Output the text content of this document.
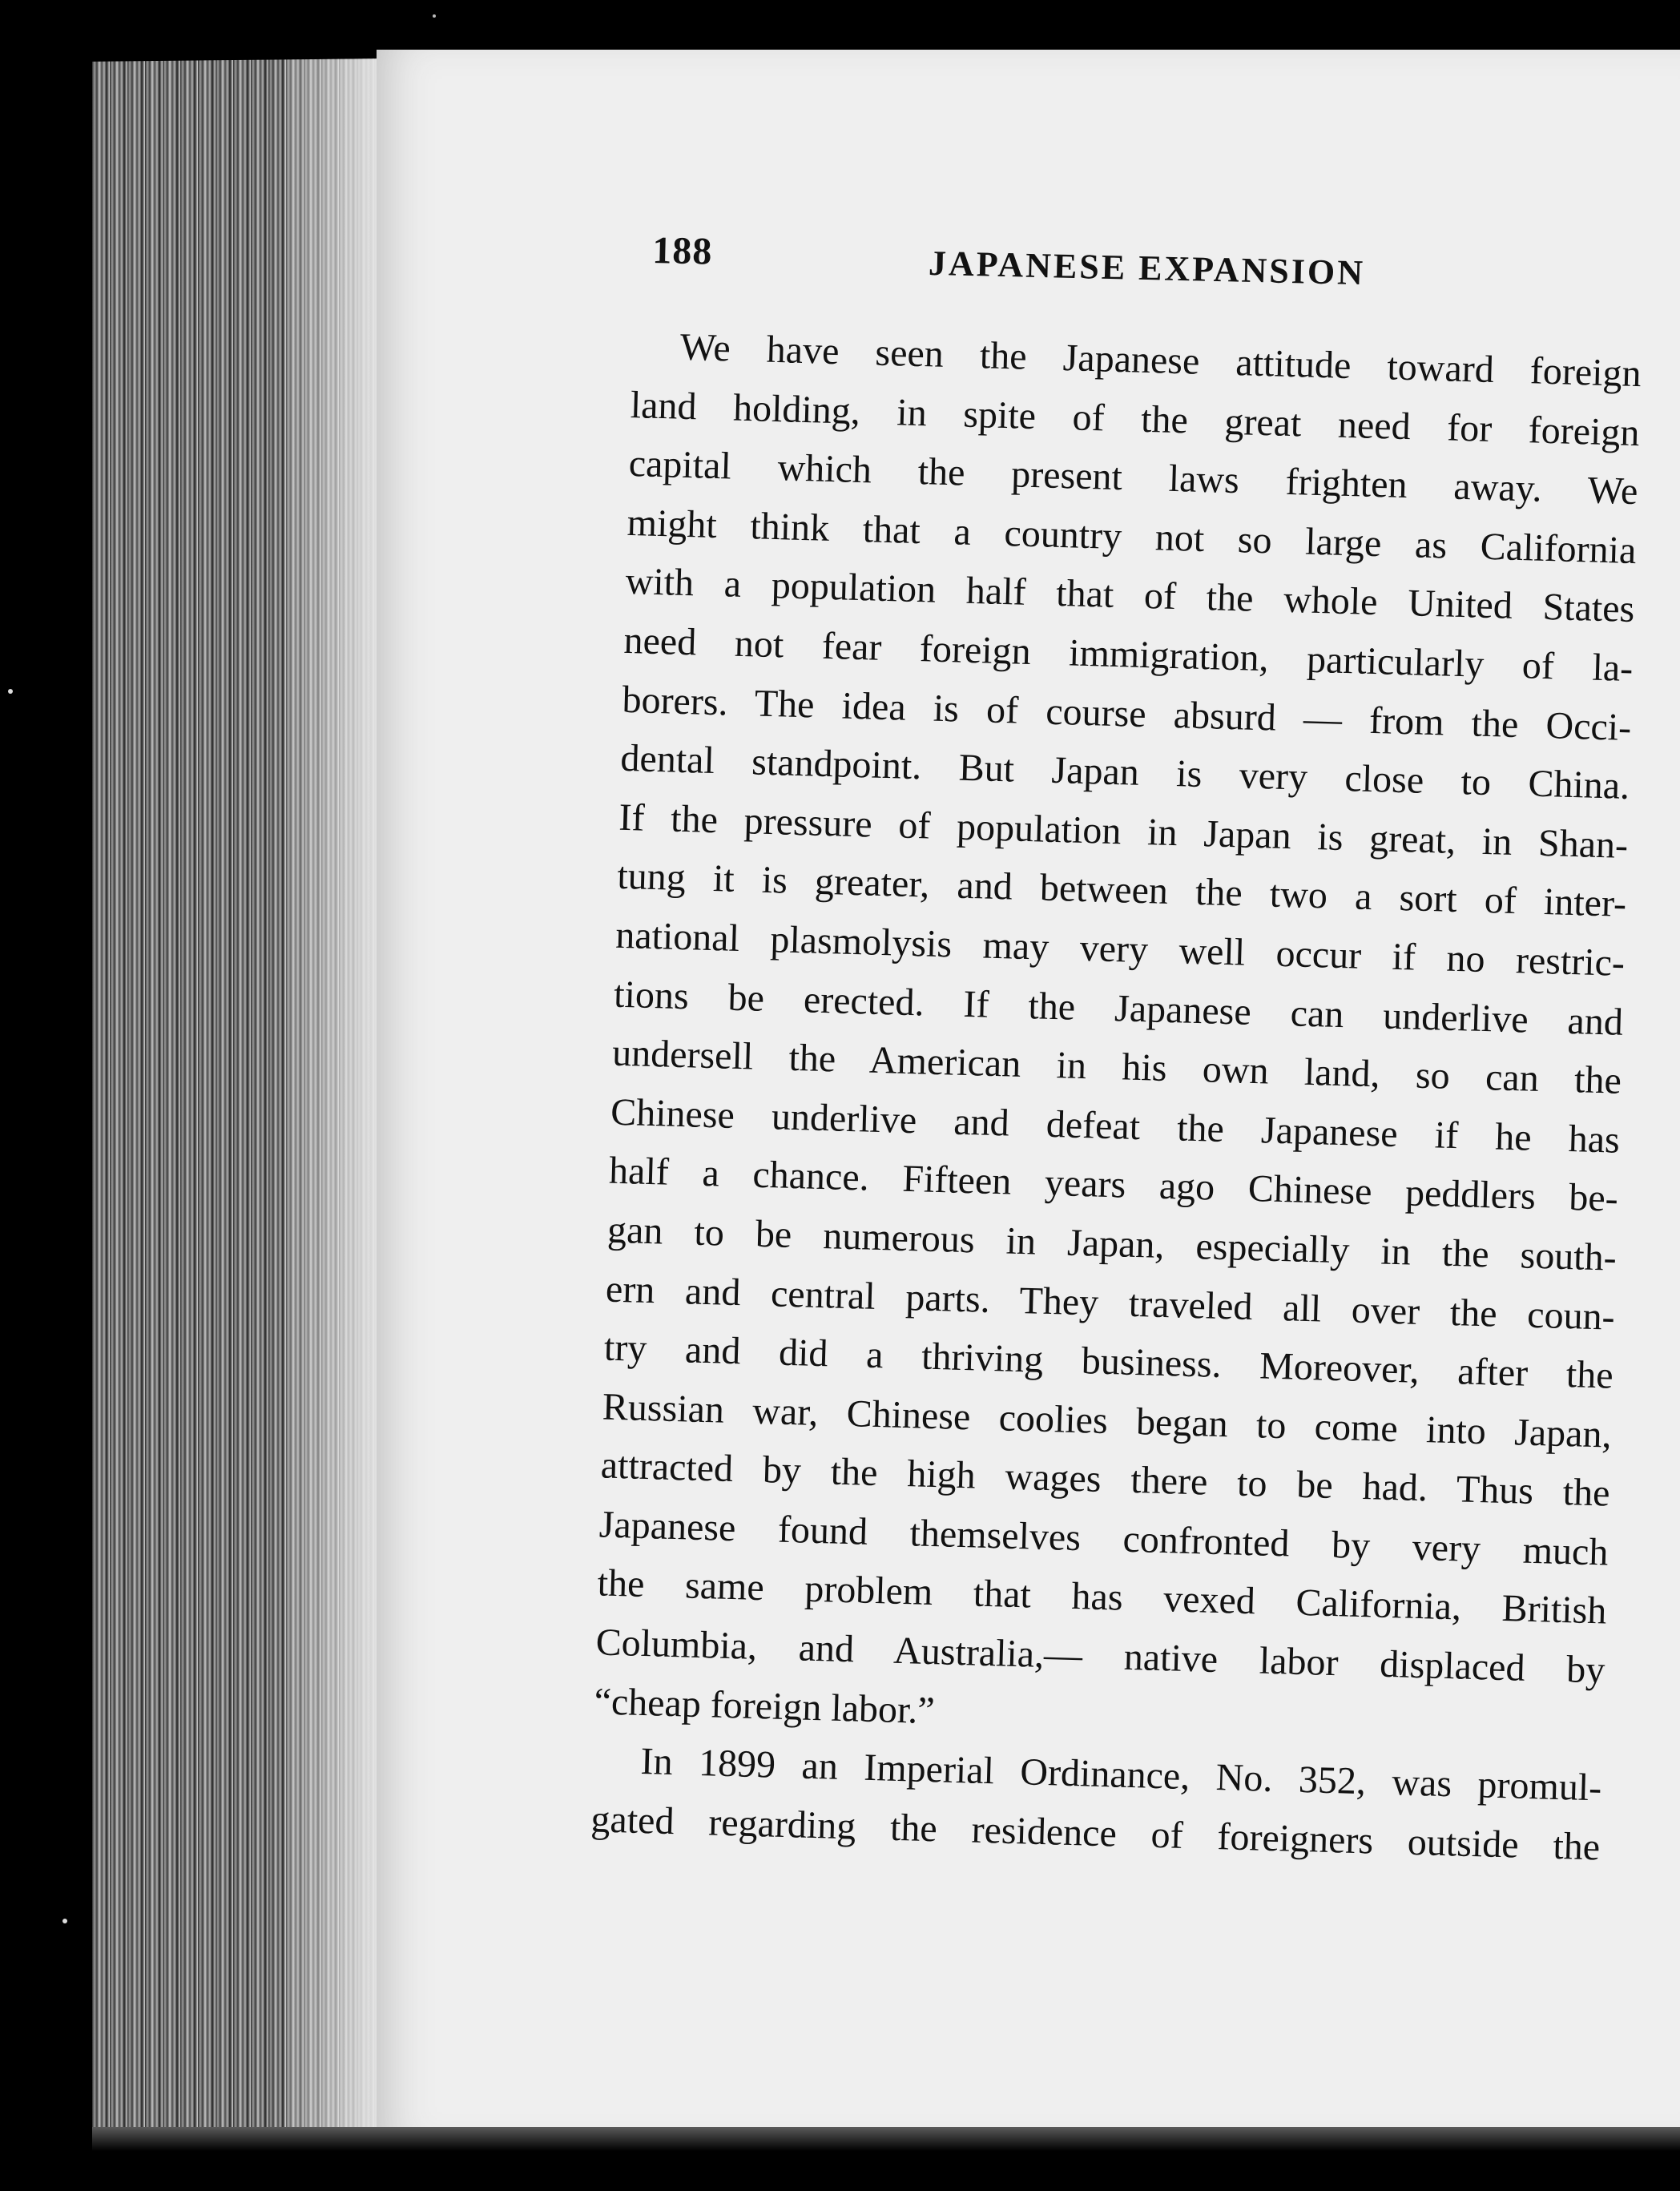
188	JAPANESE EXPANSION
We have seen the Japanese attitude toward foreign
land holding, in spite of the great need for foreign
capital which the present laws frighten away. We
might think that a country not so large as California
with a population half that of the whole United States
need not fear foreign immigration, particularly of la-
borers. The idea is of course absurd — from the Occi-
dental standpoint. But Japan is very close to China.
If the pressure of population in Japan is great, in Shan-
tung it is greater, and between the two a sort of inter-
national plasmolysis may very well occur if no restric-
tions be erected. If the Japanese can underlive and
undersell the American in his own land, so can the
Chinese underlive and defeat the Japanese if he has
half a chance. Fifteen years ago Chinese peddlers be-
gan to be numerous in Japan, especially in the south-
ern and central parts. They traveled all over the coun-
try and did a thriving business. Moreover, after the
Russian war, Chinese coolies began to come into Japan,
attracted by the high wages there to be had. Thus the
Japanese found themselves confronted by very much
the same problem that has vexed California, British
Columbia, and Australia,— native labor displaced by
“cheap foreign labor.”
In 1899 an Imperial Ordinance, No. 352, was promul-
gated regarding the residence of foreigners outside the
